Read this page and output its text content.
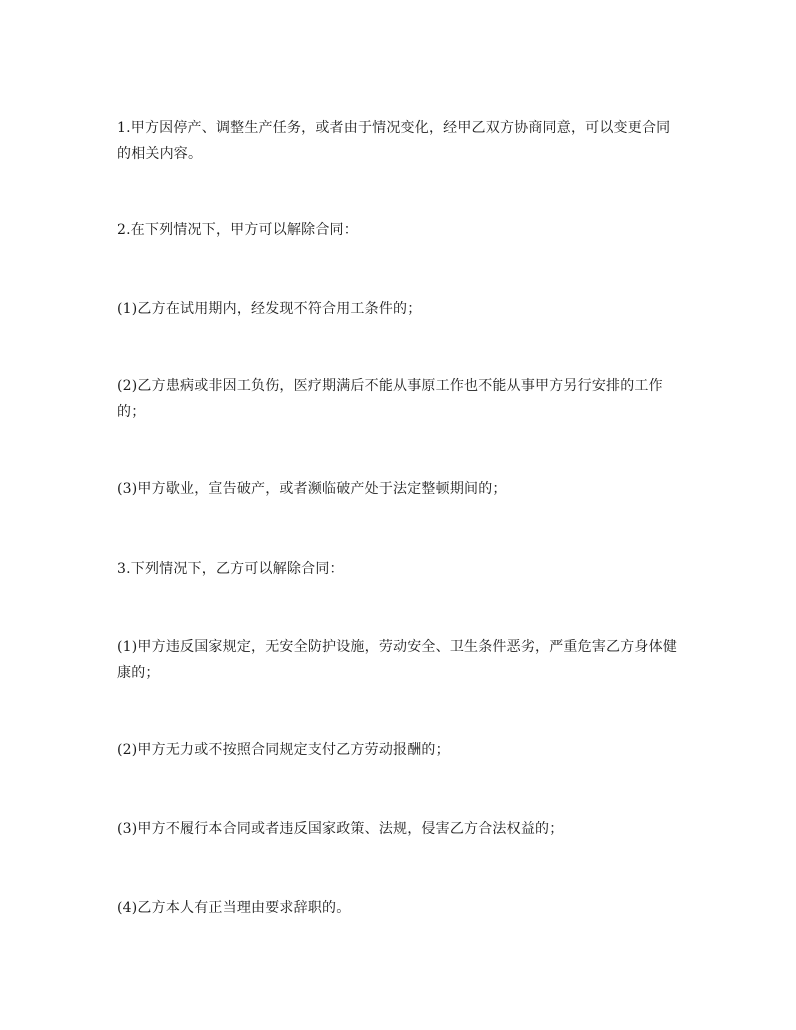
1.甲方因停产、调整生产任务，或者由于情况变化，经甲乙双方协商同意，可以变更合同的相关内容。

2.在下列情况下，甲方可以解除合同：

(1)乙方在试用期内，经发现不符合用工条件的；

(2)乙方患病或非因工负伤，医疗期满后不能从事原工作也不能从事甲方另行安排的工作的；

(3)甲方歇业，宣告破产，或者濒临破产处于法定整顿期间的；

3.下列情况下，乙方可以解除合同：

(1)甲方违反国家规定，无安全防护设施，劳动安全、卫生条件恶劣，严重危害乙方身体健康的；

(2)甲方无力或不按照合同规定支付乙方劳动报酬的；

(3)甲方不履行本合同或者违反国家政策、法规，侵害乙方合法权益的；

(4)乙方本人有正当理由要求辞职的。
